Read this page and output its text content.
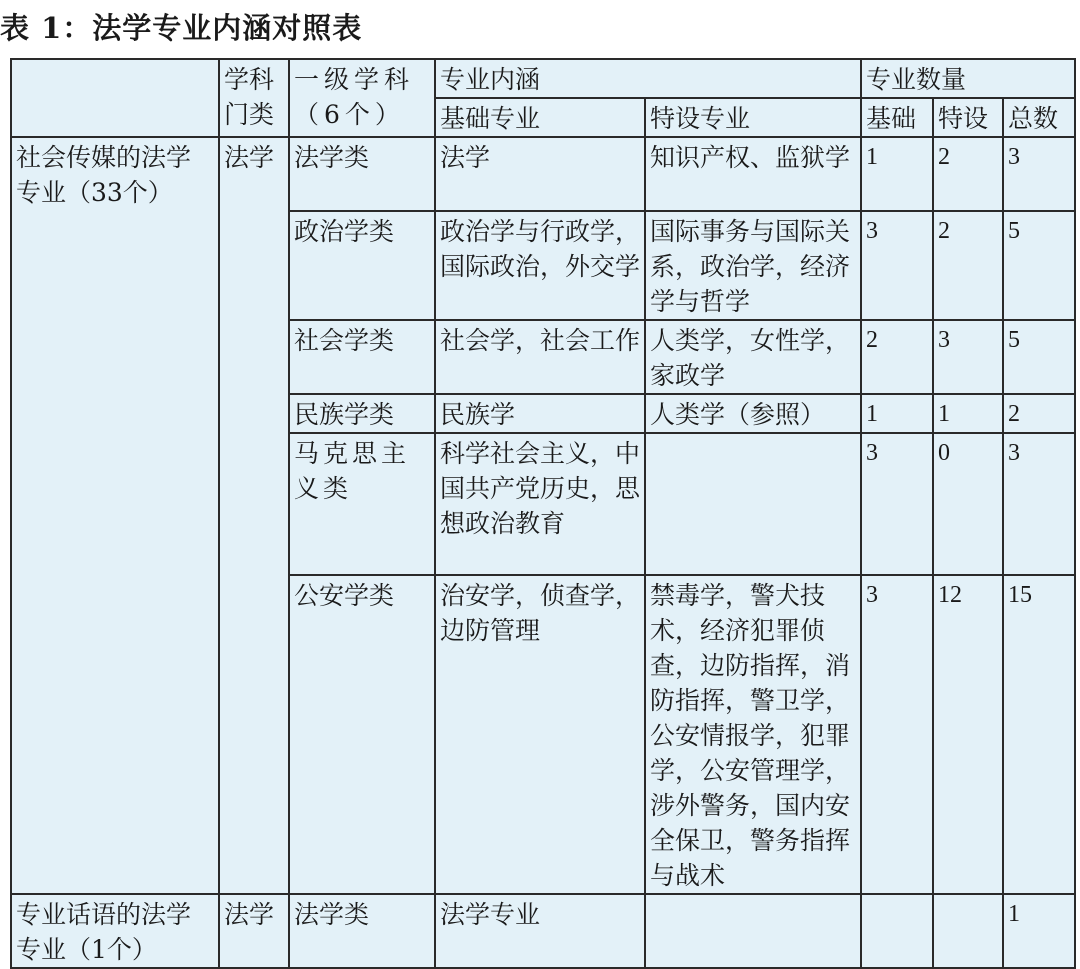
表 1：法学专业内涵对照表
	学科门类	一级学科（6个）	专业内涵		专业数量		
			基础专业	特设专业	基础	特设	总数
社会传媒的法学专业（33个）	法学	法学类	法学	知识产权、监狱学	1	2	3
		政治学类	政治学与行政学，国际政治，外交学	国际事务与国际关系，政治学，经济学与哲学	3	2	5
		社会学类	社会学，社会工作	人类学，女性学，家政学	2	3	5
		民族学类	民族学	人类学（参照）	1	1	2
		马克思主义类	科学社会主义，中国共产党历史，思想政治教育		3	0	3
		公安学类	治安学，侦查学，边防管理	禁毒学，警犬技术，经济犯罪侦查，边防指挥，消防指挥，警卫学，公安情报学，犯罪学，公安管理学，涉外警务，国内安全保卫，警务指挥与战术	3	12	15
专业话语的法学专业（1个）	法学	法学类	法学专业				1
